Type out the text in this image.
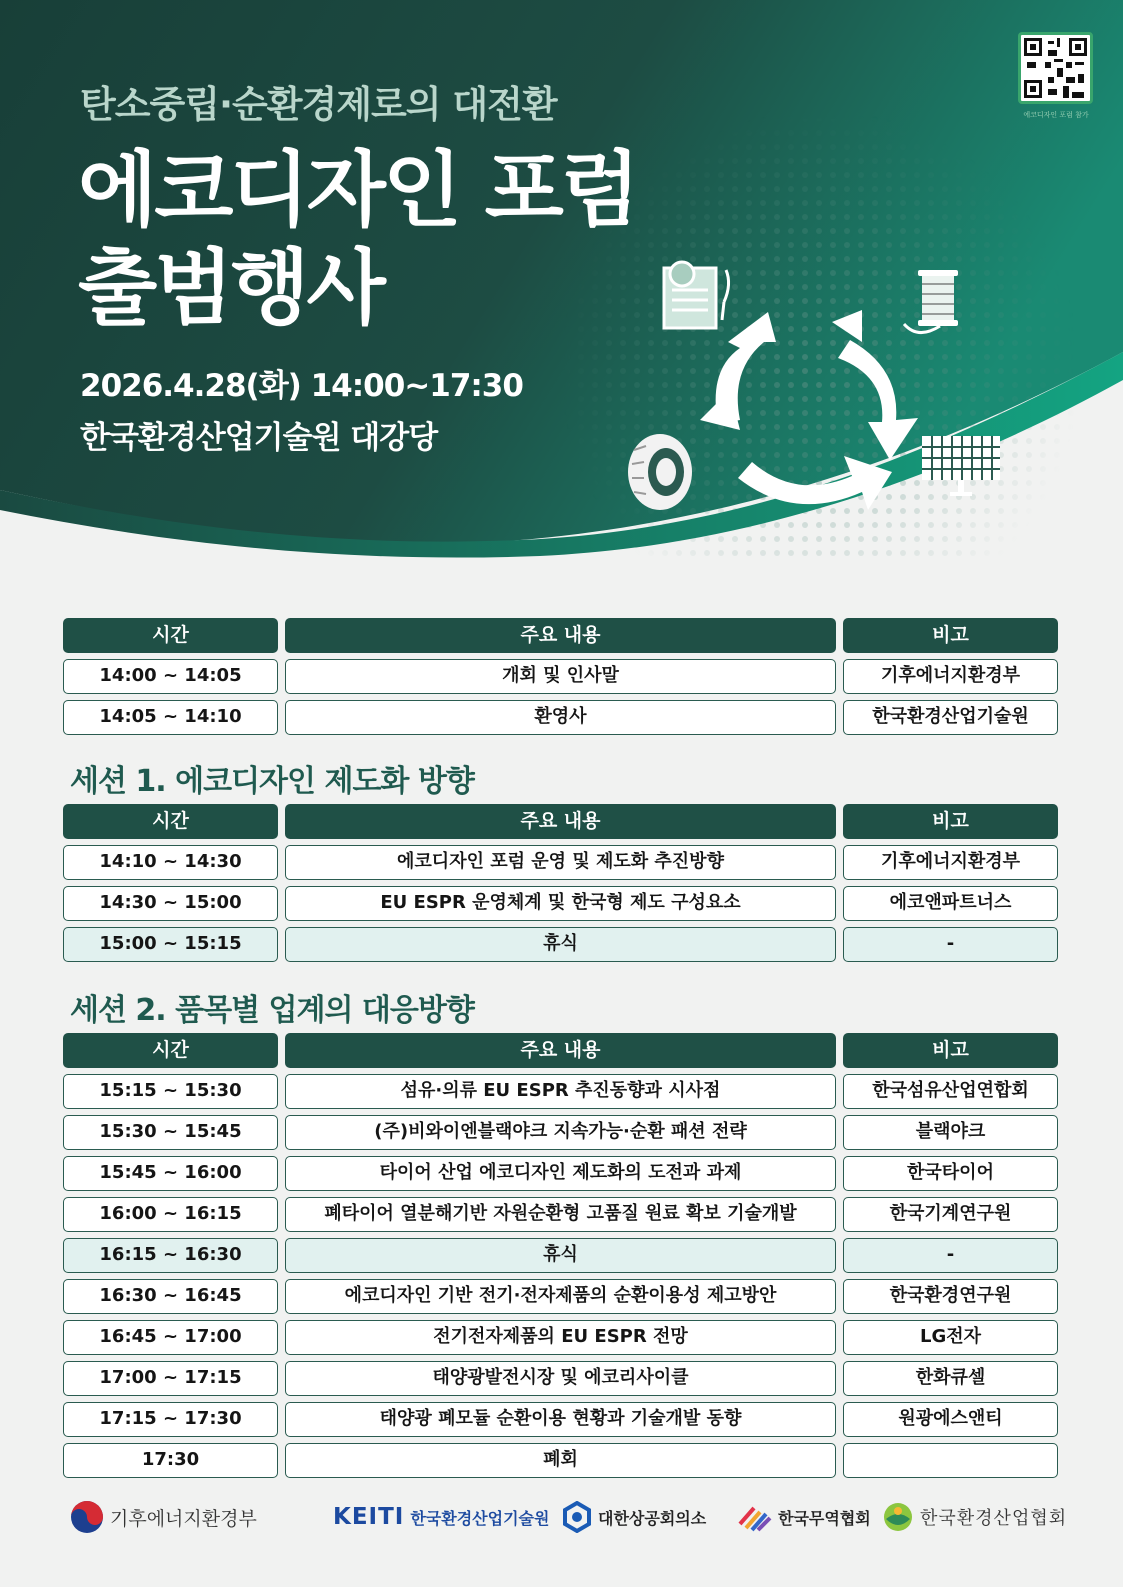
탄소중립·순환경제로의 대전환
에코디자인 포럼
출범행사
2026.4.28(화) 14:00~17:30
한국환경산업기술원 대강당
에코디자인 포럼 참가
시간	주요 내용	비고
14:00 ~ 14:05	개회 및 인사말	기후에너지환경부
14:05 ~ 14:10	환영사	한국환경산업기술원
세션 1. 에코디자인 제도화 방향
시간	주요 내용	비고
14:10 ~ 14:30	에코디자인 포럼 운영 및 제도화 추진방향	기후에너지환경부
14:30 ~ 15:00	EU ESPR 운영체계 및 한국형 제도 구성요소	에코앤파트너스
15:00 ~ 15:15	휴식	-
세션 2. 품목별 업계의 대응방향
시간	주요 내용	비고
15:15 ~ 15:30	섬유·의류 EU ESPR 추진동향과 시사점	한국섬유산업연합회
15:30 ~ 15:45	(주)비와이엔블랙야크 지속가능·순환 패션 전략	블랙야크
15:45 ~ 16:00	타이어 산업 에코디자인 제도화의 도전과 과제	한국타이어
16:00 ~ 16:15	폐타이어 열분해기반 자원순환형 고품질 원료 확보 기술개발	한국기계연구원
16:15 ~ 16:30	휴식	-
16:30 ~ 16:45	에코디자인 기반 전기·전자제품의 순환이용성 제고방안	한국환경연구원
16:45 ~ 17:00	전기전자제품의 EU ESPR 전망	LG전자
17:00 ~ 17:15	태양광발전시장 및 에코리사이클	한화큐셀
17:15 ~ 17:30	태양광 폐모듈 순환이용 현황과 기술개발 동향	원광에스앤티
17:30	폐회
기후에너지환경부	KEITI 한국환경산업기술원	대한상공회의소	한국무역협회	한국환경산업협회
